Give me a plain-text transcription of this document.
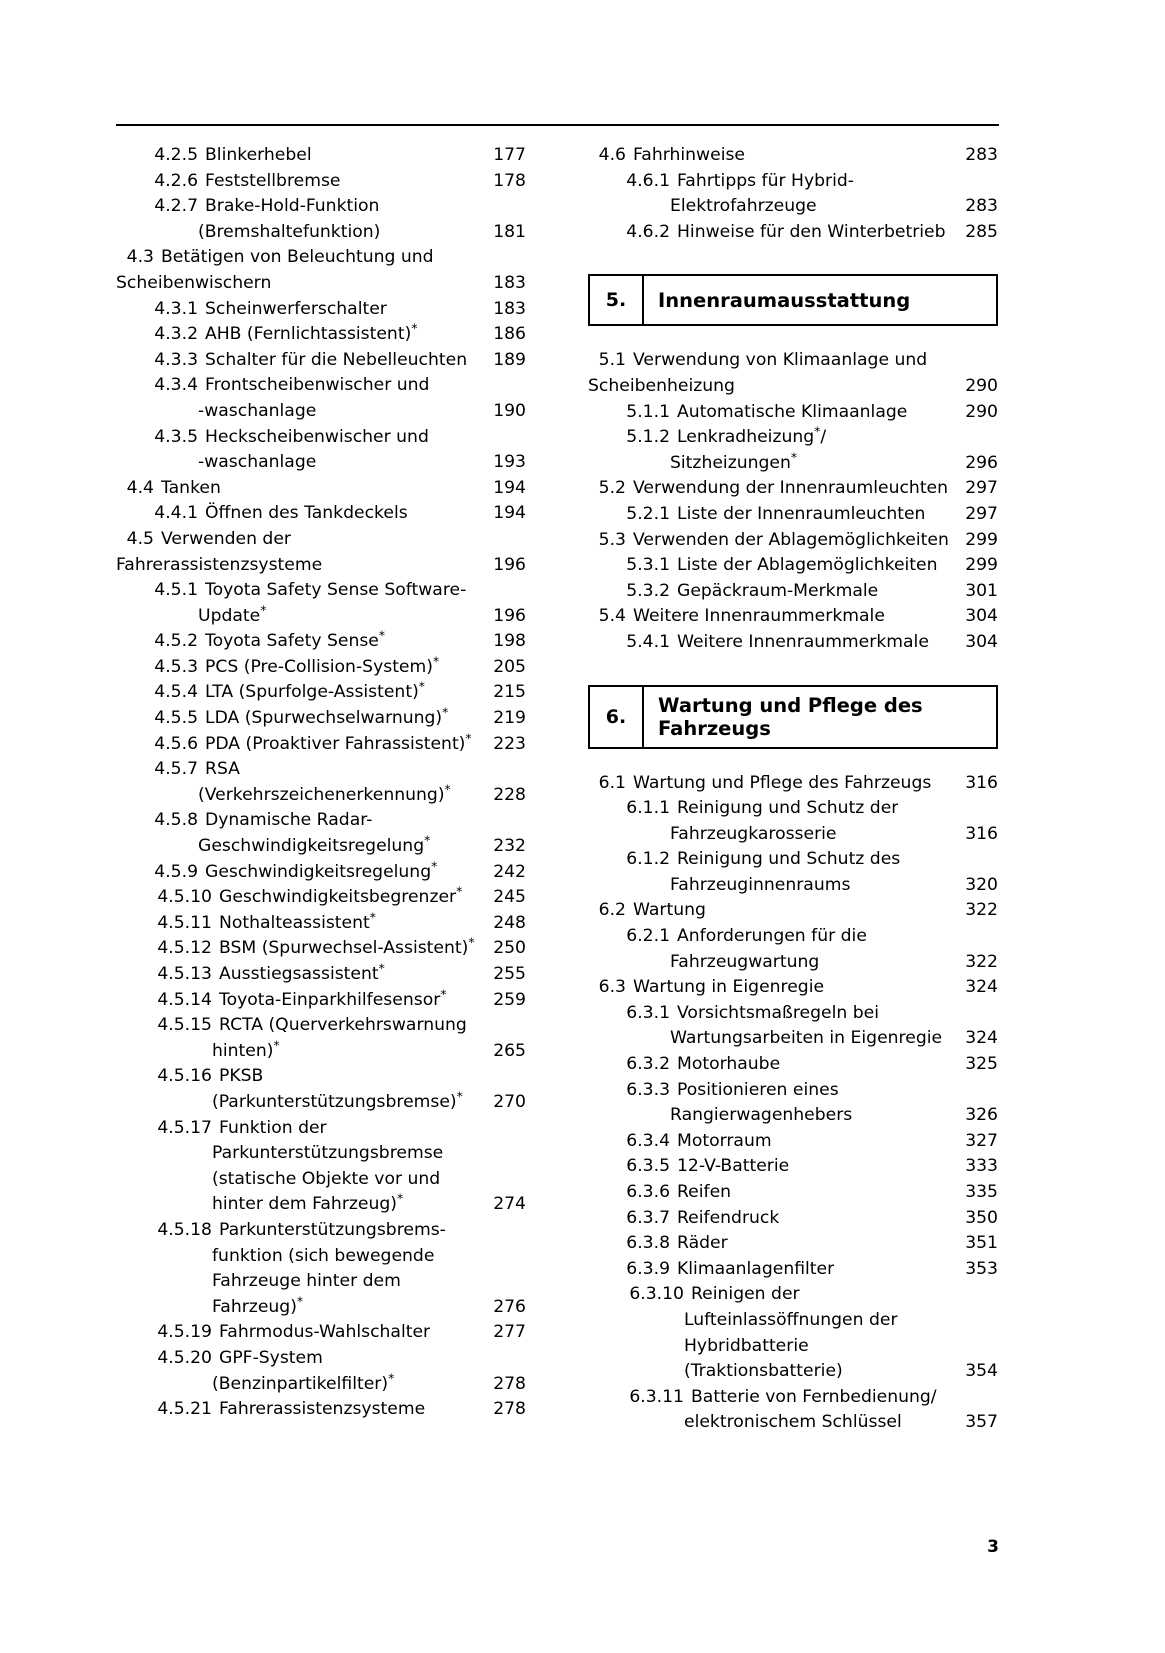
4.2.5 Blinkerhebel . . .	177
4.2.6 Feststellbremse . . .	178
4.2.7 Brake-Hold-Funktion
(Bremshaltefunktion) . . .	181
4.3 Betätigen von Beleuchtung und
Scheibenwischern . . .	183
4.3.1 Scheinwerferschalter . . .	183
4.3.2 AHB (Fernlichtassistent)* . . .	186
4.3.3 Schalter für die Nebelleuchten . . . 189
4.3.4 Frontscheibenwischer und
-waschanlage . . .	190
4.3.5 Heckscheibenwischer und
-waschanlage . . .	193
4.4 Tanken . . .	194
4.4.1 Öffnen des Tankdeckels . . .	194
4.5 Verwenden der
Fahrerassistenzsysteme . . .	196
4.5.1 Toyota Safety Sense Software-
Update* . . .	196
4.5.2 Toyota Safety Sense* . . .	198
4.5.3 PCS (Pre-Collision-System)* . . .	205
4.5.4 LTA (Spurfolge-Assistent)* . . .	215
4.5.5 LDA (Spurwechselwarnung)* . . .	219
4.5.6 PDA (Proaktiver Fahrassistent)* . . . 223
4.5.7 RSA
(Verkehrszeichenerkennung)* . . . 228
4.5.8 Dynamische Radar-
Geschwindigkeitsregelung* . . .	232
4.5.9 Geschwindigkeitsregelung* . . .	242
4.5.10 Geschwindigkeitsbegrenzer* . . . 245
4.5.11 Nothalteassistent* . . .	248
4.5.12 BSM (Spurwechsel-Assistent)* . . . 250
4.5.13 Ausstiegsassistent* . . .	255
4.5.14 Toyota-Einparkhilfesensor* . . .	259
4.5.15 RCTA (Querverkehrswarnung
hinten)* . . .	265
4.5.16 PKSB
(Parkunterstützungsbremse)* . . . 270
4.5.17 Funktion der
Parkunterstützungsbremse
(statische Objekte vor und
hinter dem Fahrzeug)* . . .	274
4.5.18 Parkunterstützungsbrems-
funktion (sich bewegende
Fahrzeuge hinter dem
Fahrzeug)* . . .	276
4.5.19 Fahrmodus-Wahlschalter . . .	277
4.5.20 GPF-System
(Benzinpartikelfilter)* . . .	278
4.5.21 Fahrerassistenzsysteme . . .	278
4.6 Fahrhinweise . . .	283
4.6.1 Fahrtipps für Hybrid-
Elektrofahrzeuge . . .	283
4.6.2 Hinweise für den Winterbetrieb . . . 285
5.	Innenraumausstattung
5.1 Verwendung von Klimaanlage und
Scheibenheizung . . .	290
5.1.1 Automatische Klimaanlage . . .	290
5.1.2 Lenkradheizung*/
Sitzheizungen* . . .	296
5.2 Verwendung der Innenraumleuchten . . . 297
5.2.1 Liste der Innenraumleuchten . . . 297
5.3 Verwenden der Ablagemöglichkeiten . . . 299
5.3.1 Liste der Ablagemöglichkeiten . . . 299
5.3.2 Gepäckraum-Merkmale . . .	301
5.4 Weitere Innenraummerkmale . . .	304
5.4.1 Weitere Innenraummerkmale . . . 304
6.	Wartung und Pflege des Fahrzeugs
6.1 Wartung und Pflege des Fahrzeugs . . . 316
6.1.1 Reinigung und Schutz der
Fahrzeugkarosserie . . .	316
6.1.2 Reinigung und Schutz des
Fahrzeuginnenraums . . .	320
6.2 Wartung . . .	322
6.2.1 Anforderungen für die
Fahrzeugwartung . . .	322
6.3 Wartung in Eigenregie . . .	324
6.3.1 Vorsichtsmaßregeln bei
Wartungsarbeiten in Eigenregie . . . 324
6.3.2 Motorhaube . . .	325
6.3.3 Positionieren eines
Rangierwagenhebers . . .	326
6.3.4 Motorraum . . .	327
6.3.5 12-V-Batterie . . .	333
6.3.6 Reifen . . .	335
6.3.7 Reifendruck . . .	350
6.3.8 Räder . . .	351
6.3.9 Klimaanlagenfilter . . .	353
6.3.10 Reinigen der
Lufteinlassöffnungen der
Hybridbatterie
(Traktionsbatterie) . . .	354
6.3.11 Batterie von Fernbedienung/
elektronischem Schlüssel . . .	357
3
